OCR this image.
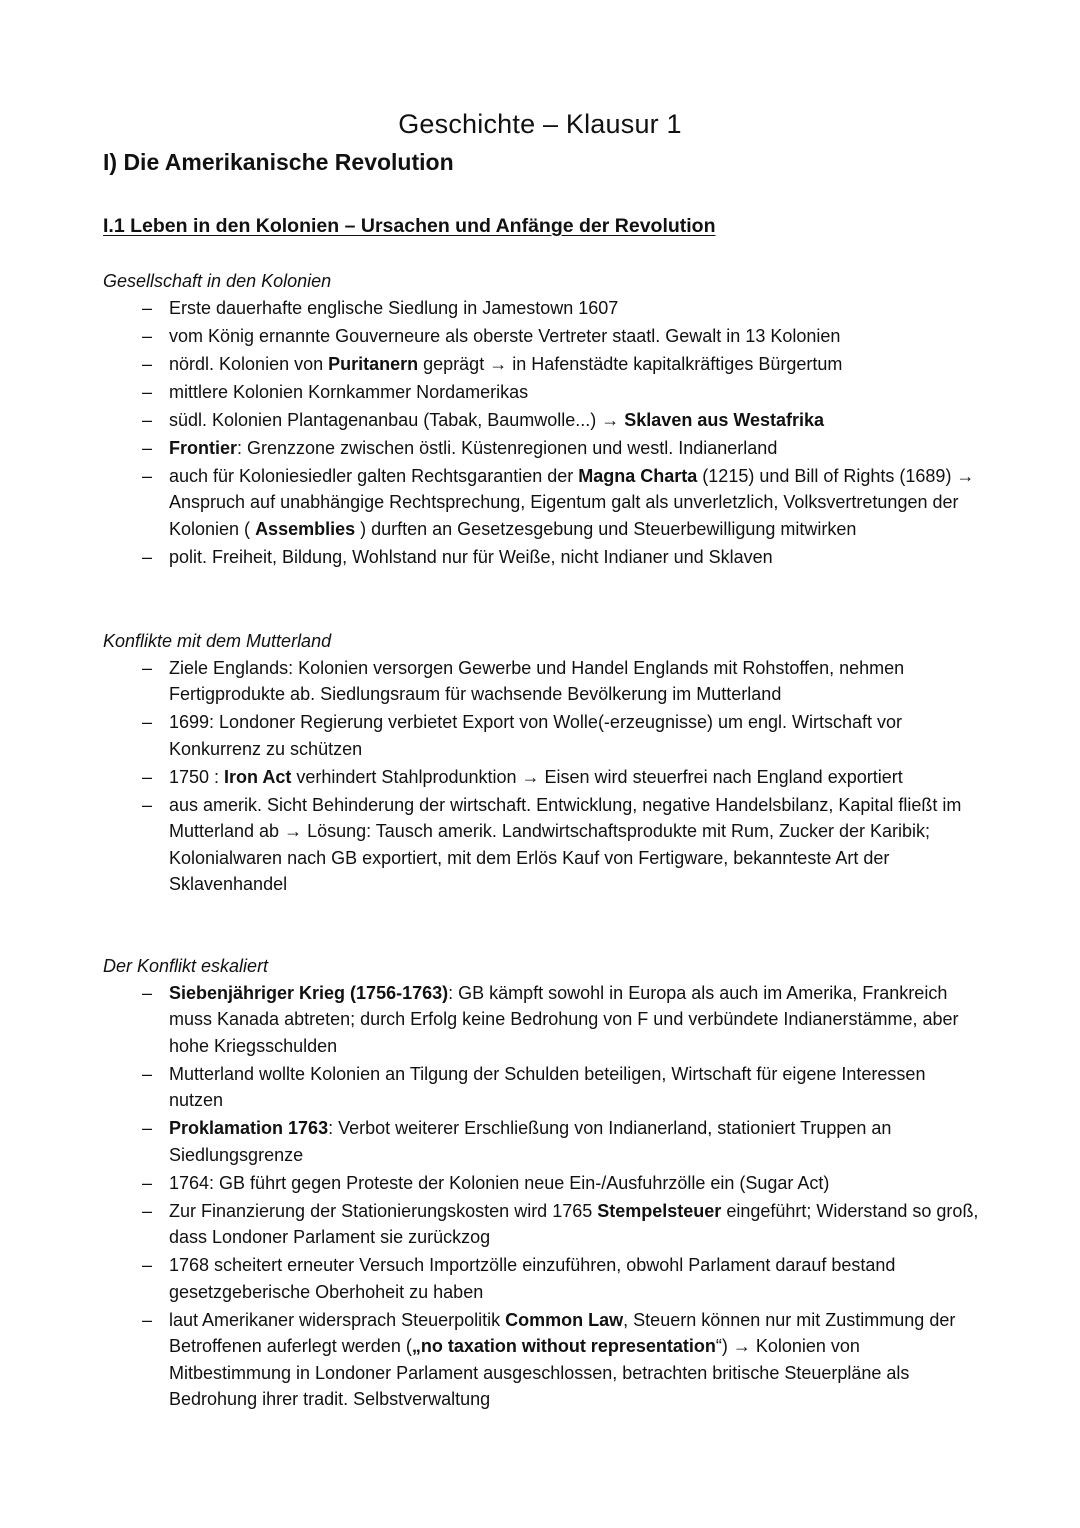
Geschichte – Klausur 1
I) Die Amerikanische Revolution
I.1 Leben in den Kolonien – Ursachen und Anfänge der Revolution

Gesellschaft in den Kolonien

– Erste dauerhafte englische Siedlung in Jamestown 1607
– vom König ernannte Gouverneure als oberste Vertreter staatl. Gewalt in 13 Kolonien
– nördl. Kolonien von Puritanern geprägt → in Hafenstädte kapitalkräftiges Bürgertum
– mittlere Kolonien Kornkammer Nordamerikas
– südl. Kolonien Plantagenanbau (Tabak, Baumwolle...) → Sklaven aus Westafrika
– Frontier: Grenzzone zwischen östli. Küstenregionen und westl. Indianerland
– auch für Koloniesiedler galten Rechtsgarantien der Magna Charta (1215) und Bill of Rights (1689) → Anspruch auf unabhängige Rechtsprechung, Eigentum galt als unverletzlich, Volksvertretungen der Kolonien ( Assemblies ) durften an Gesetzesgebung und Steuerbewilligung mitwirken
– polit. Freiheit, Bildung, Wohlstand nur für Weiße, nicht Indianer und Sklaven

Konflikte mit dem Mutterland

– Ziele Englands: Kolonien versorgen Gewerbe und Handel Englands mit Rohstoffen, nehmen Fertigprodukte ab. Siedlungsraum für wachsende Bevölkerung im Mutterland
– 1699: Londoner Regierung verbietet Export von Wolle(-erzeugnisse) um engl. Wirtschaft vor Konkurrenz zu schützen
– 1750 : Iron Act verhindert Stahlprodunktion → Eisen wird steuerfrei nach England exportiert
– aus amerik. Sicht Behinderung der wirtschaft. Entwicklung, negative Handelsbilanz, Kapital fließt im Mutterland ab → Lösung: Tausch amerik. Landwirtschaftsprodukte mit Rum, Zucker der Karibik; Kolonialwaren nach GB exportiert, mit dem Erlös Kauf von Fertigware, bekannteste Art der Sklavenhandel

Der Konflikt eskaliert

– Siebenjähriger Krieg (1756-1763): GB kämpft sowohl in Europa als auch im Amerika, Frankreich muss Kanada abtreten; durch Erfolg keine Bedrohung von F und verbündete Indianerstämme, aber hohe Kriegsschulden
– Mutterland wollte Kolonien an Tilgung der Schulden beteiligen, Wirtschaft für eigene Interessen nutzen
– Proklamation 1763: Verbot weiterer Erschließung von Indianerland, stationiert Truppen an Siedlungsgrenze
– 1764: GB führt gegen Proteste der Kolonien neue Ein-/Ausfuhrzölle ein (Sugar Act)
– Zur Finanzierung der Stationierungskosten wird 1765 Stempelsteuer eingeführt; Widerstand so groß, dass Londoner Parlament sie zurückzog
– 1768 scheitert erneuter Versuch Importzölle einzuführen, obwohl Parlament darauf bestand gesetzgeberische Oberhoheit zu haben
– laut Amerikaner widersprach Steuerpolitik Common Law, Steuern können nur mit Zustimmung der Betroffenen auferlegt werden („no taxation without representation“) → Kolonien von Mitbestimmung in Londoner Parlament ausgeschlossen, betrachten britische Steuerpläne als Bedrohung ihrer tradit. Selbstverwaltung
